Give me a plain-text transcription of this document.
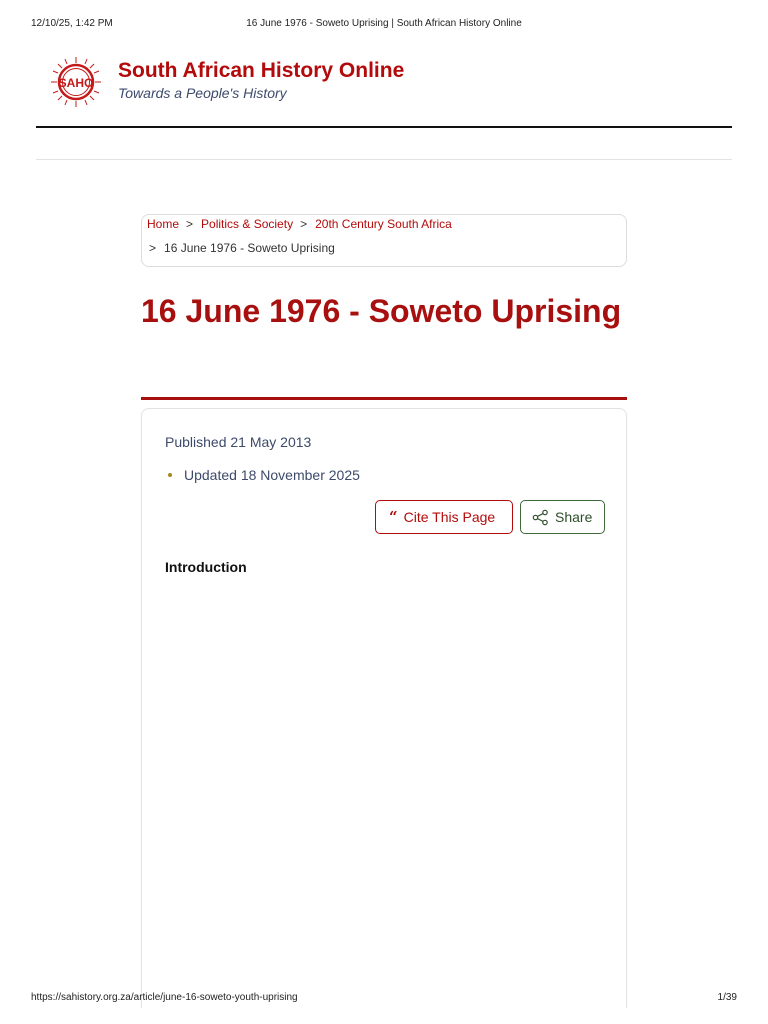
12/10/25, 1:42 PM	16 June 1976 - Soweto Uprising | South African History Online
SAHO
South African History Online
Towards a People's History
Home > Politics & Society > 20th Century South Africa
> 16 June 1976 - Soweto Uprising
16 June 1976 - Soweto Uprising
Published 21 May 2013
Updated 18 November 2025
“ Cite This Page	Share
Introduction
https://sahistory.org.za/article/june-16-soweto-youth-uprising	1/39
